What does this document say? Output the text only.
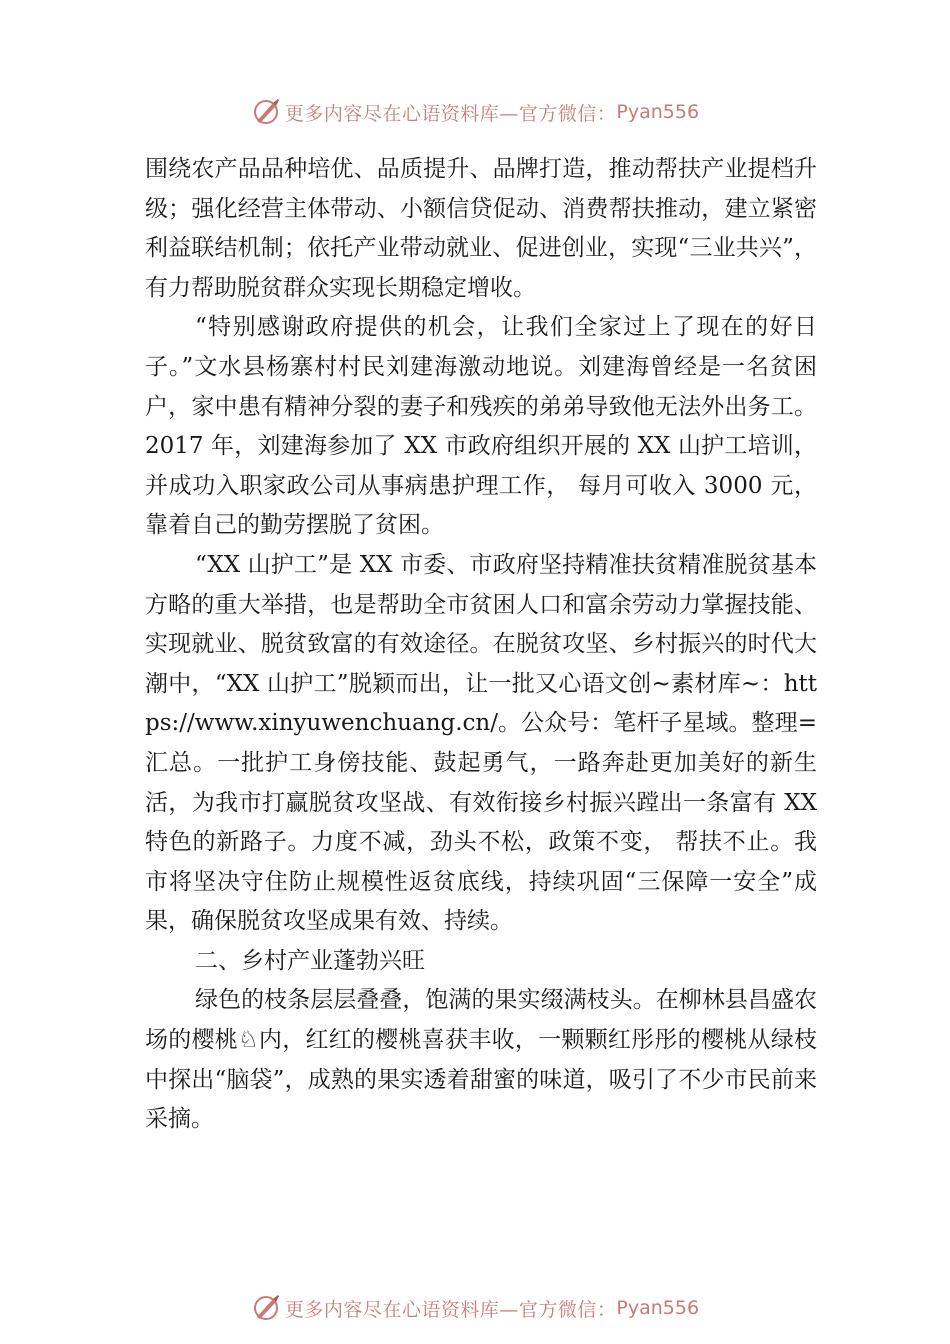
更多内容尽在心语资料库—官方微信： Pyan556

围绕农产品品种培优、品质提升、品牌打造，推动帮扶产业提档升级；强化经营主体带动、小额信贷促动、消费帮扶推动，建立紧密利益联结机制；依托产业带动就业、促进创业，实现“三业共兴”，有力帮助脱贫群众实现长期稳定增收。

“特别感谢政府提供的机会，让我们全家过上了现在的好日子。”文水县杨寨村村民刘建海激动地说。刘建海曾经是一名贫困户，家中患有精神分裂的妻子和残疾的弟弟导致他无法外出务工。2017 年，刘建海参加了 XX 市政府组织开展的 XX 山护工培训，并成功入职家政公司从事病患护理工作， 每月可收入 3000 元，靠着自己的勤劳摆脱了贫困。

“XX 山护工”是 XX 市委、市政府坚持精准扶贫精准脱贫基本方略的重大举措，也是帮助全市贫困人口和富余劳动力掌握技能、实现就业、脱贫致富的有效途径。在脱贫攻坚、乡村振兴的时代大潮中，“XX 山护工”脱颖而出，让一批又心语文创~素材库~：https://www.xinyuwenchuang.cn/。公众号：笔杆子星域。整理=汇总。一批护工身傍技能、鼓起勇气，一路奔赴更加美好的新生活，为我市打赢脱贫攻坚战、有效衔接乡村振兴蹚出一条富有 XX 特色的新路子。力度不减，劲头不松，政策不变， 帮扶不止。我市将坚决守住防止规模性返贫底线，持续巩固“三保障一安全”成果，确保脱贫攻坚成果有效、持续。

二、乡村产业蓬勃兴旺

绿色的枝条层层叠叠，饱满的果实缀满枝头。在柳林县昌盛农场的樱桃♘内，红红的樱桃喜获丰收，一颗颗红彤彤的樱桃从绿枝中探出“脑袋”，成熟的果实透着甜蜜的味道，吸引了不少市民前来采摘。

更多内容尽在心语资料库—官方微信： Pyan556
